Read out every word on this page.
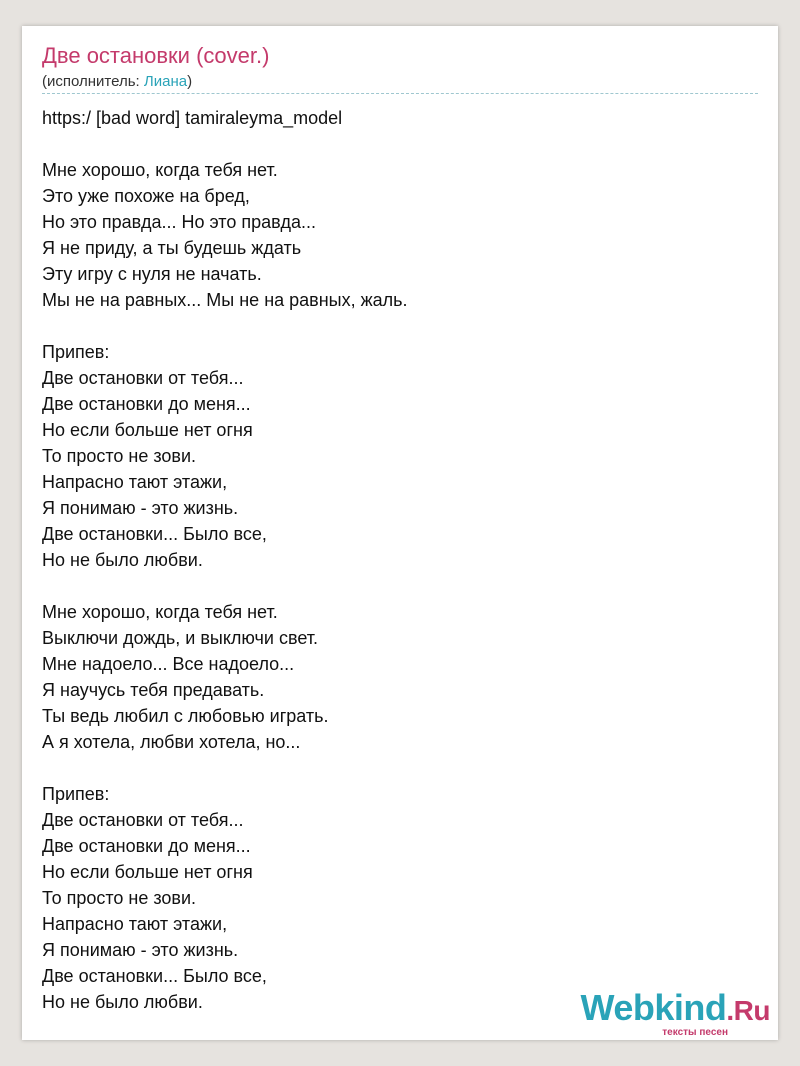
Две остановки (cover.)
(исполнитель: Лиана)
https:/ [bad word] tamiraleyma_model
Мне хорошо, когда тебя нет.
Это уже похоже на бред,
Но это правда... Но это правда...
Я не приду, а ты будешь ждать
Эту игру с нуля не начать.
Мы не на равных... Мы не на равных, жаль.
Припев:
Две остановки от тебя...
Две остановки до меня...
Но если больше нет огня
То просто не зови.
Напрасно тают этажи,
Я понимаю - это жизнь.
Две остановки... Было все,
Но не было любви.
Мне хорошо, когда тебя нет.
Выключи дождь, и выключи свет.
Мне надоело... Все надоело...
Я научусь тебя предавать.
Ты ведь любил с любовью играть.
А я хотела, любви хотела, но...
Припев:
Две остановки от тебя...
Две остановки до меня...
Но если больше нет огня
То просто не зови.
Напрасно тают этажи,
Я понимаю - это жизнь.
Две остановки... Было все,
Но не было любви.	Webkind.Ru
тексты песен
